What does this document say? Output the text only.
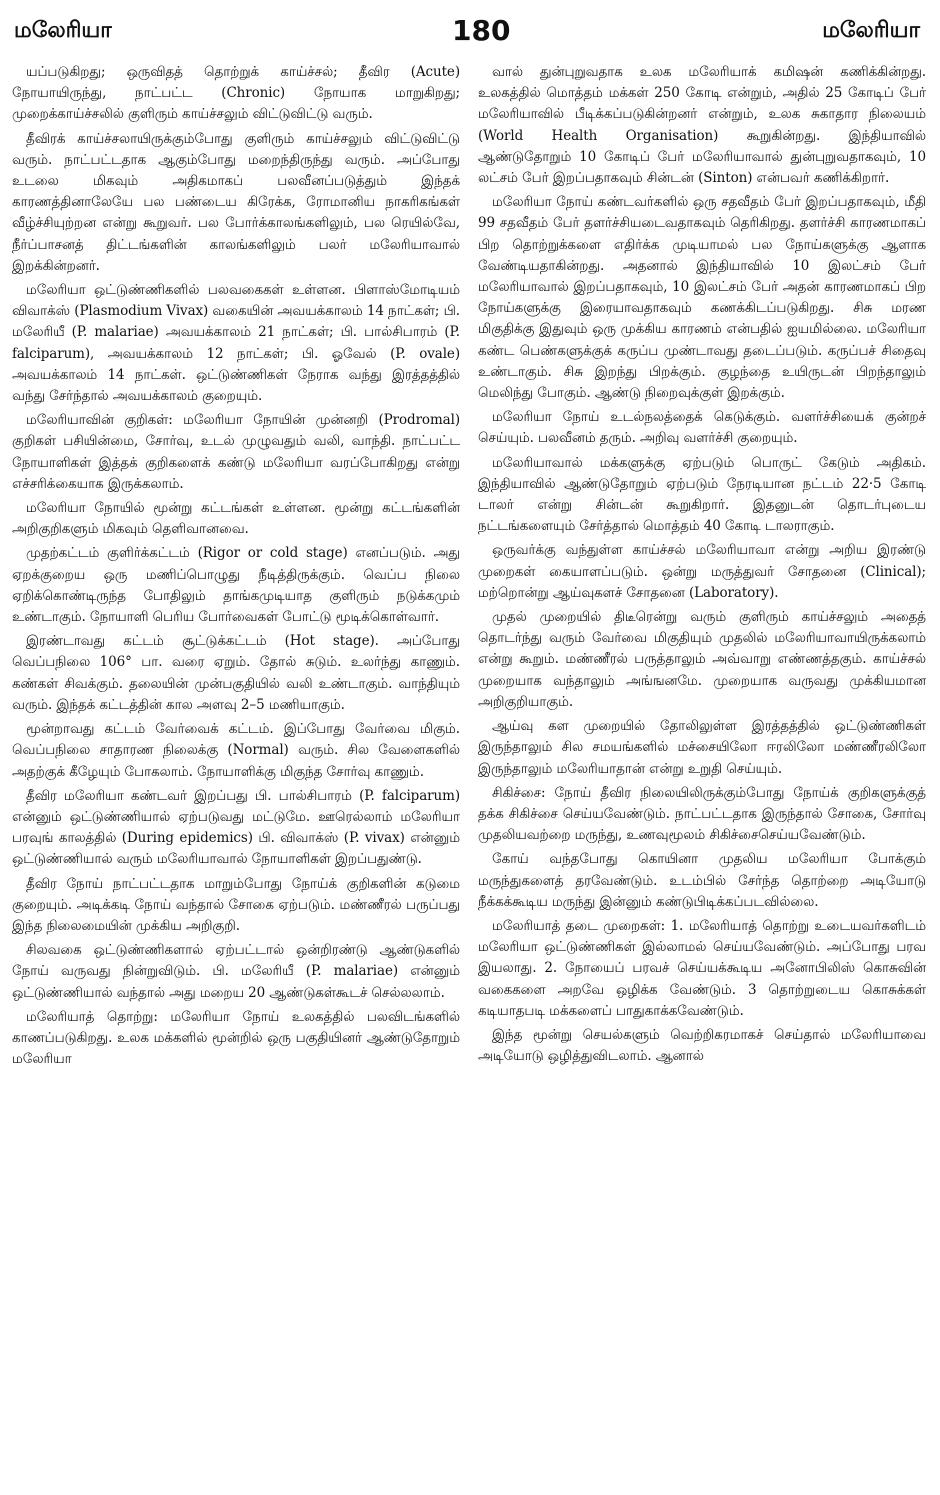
மலேரியா	180	மலேரியா

யப்படுகிறது; ஒருவிதத் தொற்றுக் காய்ச்சல்; தீவிர (Acute) நோயாயிருந்து, நாட்பட்ட (Chronic) நோயாக மாறுகிறது; முறைக்காய்ச்சலில் குளிரும் காய்ச்சலும் விட்டுவிட்டு வரும்.

தீவிரக் காய்ச்சலாயிருக்கும்போது குளிரும் காய்ச்சலும் விட்டுவிட்டு வரும். நாட்பட்டதாக ஆகும்போது மறைந்திருந்து வரும். அப்போது உடலை மிகவும் அதிகமாகப் பலவீனப்படுத்தும் இந்தக் காரணத்தினாலேயே பல பண்டைய கிரேக்க, ரோமானிய நாகரிகங்கள் வீழ்ச்சியுற்றன என்று கூறுவர். பல போர்க்காலங்களிலும், பல ரெயில்வே, நீர்ப்பாசனத் திட்டங்களின் காலங்களிலும் பலர் மலேரியாவால் இறக்கின்றனர்.

மலேரியா ஒட்டுண்ணிகளில் பலவகைகள் உள்ளன. பிளாஸ்மோடியம் விவாக்ஸ் (Plasmodium Vivax) வகையின் அவயக்காலம் 14 நாட்கள்; பி. மலேரியீ (P. malariae) அவயக்காலம் 21 நாட்கள்; பி. பால்சிபாரம் (P. falciparum), அவயக்காலம் 12 நாட்கள்; பி. ஓவேல் (P. ovale) அவயக்காலம் 14 நாட்கள். ஒட்டுண்ணிகள் நேராக வந்து இரத்தத்தில் வந்து சேர்ந்தால் அவயக்காலம் குறையும்.

மலேரியாவின் குறிகள்: மலேரியா நோயின் முன்னறி (Prodromal) குறிகள் பசியின்மை, சோர்வு, உடல் முழுவதும் வலி, வாந்தி. நாட்பட்ட நோயாளிகள் இத்தக் குறிகளைக் கண்டு மலேரியா வரப்போகிறது என்று எச்சரிக்கையாக இருக்கலாம்.

மலேரியா நோயில் மூன்று கட்டங்கள் உள்ளன. மூன்று கட்டங்களின் அறிகுறிகளும் மிகவும் தெளிவானவை.

முதற்கட்டம் குளிர்க்கட்டம் (Rigor or cold stage) எனப்படும். அது ஏறக்குறைய ஒரு மணிப்பொழுது நீடித்திருக்கும். வெப்ப நிலை ஏறிக்கொண்டிருந்த போதிலும் தாங்கமுடியாத குளிரும் நடுக்கமும் உண்டாகும். நோயாளி பெரிய போர்வைகள் போட்டு மூடிக்கொள்வார்.

இரண்டாவது கட்டம் சூட்டுக்கட்டம் (Hot stage). அப்போது வெப்பநிலை 106° பா. வரை ஏறும். தோல் சுடும். உலர்ந்து காணும். கண்கள் சிவக்கும். தலையின் முன்பகுதியில் வலி உண்டாகும். வாந்தியும் வரும். இந்தக் கட்டத்தின் கால அளவு 2–5 மணியாகும்.

மூன்றாவது கட்டம் வேர்வைக் கட்டம். இப்போது வேர்வை மிகும். வெப்பநிலை சாதாரண நிலைக்கு (Normal) வரும். சில வேளைகளில் அதற்குக் கீழேயும் போகலாம். நோயாளிக்கு மிகுந்த சோர்வு காணும்.

தீவிர மலேரியா கண்டவர் இறப்பது பி. பால்சிபாரம் (P. falciparum) என்னும் ஒட்டுண்ணியால் ஏற்படுவது மட்டுமே. ஊரெல்லாம் மலேரியா பரவுங் காலத்தில் (During epidemics) பி. விவாக்ஸ் (P. vivax) என்னும் ஒட்டுண்ணியால் வரும் மலேரியாவால் நோயாளிகள் இறப்பதுண்டு.

தீவிர நோய் நாட்பட்டதாக மாறும்போது நோய்க் குறிகளின் கடுமை குறையும். அடிக்கடி நோய் வந்தால் சோகை ஏற்படும். மண்ணீரல் பருப்பது இந்த நிலைமையின் முக்கிய அறிகுறி.

சிலவகை ஒட்டுண்ணிகளால் ஏற்பட்டால் ஒன்றிரண்டு ஆண்டுகளில் நோய் வருவது நின்றுவிடும். பி. மலேரியீ (P. malariae) என்னும் ஒட்டுண்ணியால் வந்தால் அது மறைய 20 ஆண்டுகள்கூடச் செல்லலாம்.

மலேரியாத் தொற்று: மலேரியா நோய் உலகத்தில் பலவிடங்களில் காணப்படுகிறது. உலக மக்களில் மூன்றில் ஒரு பகுதியினர் ஆண்டுதோறும் மலேரியா

வால் துன்புறுவதாக உலக மலேரியாக் கமிஷன் கணிக்கின்றது. உலகத்தில் மொத்தம் மக்கள் 250 கோடி என்றும், அதில் 25 கோடிப் பேர் மலேரியாவில் பீடிக்கப்படுகின்றனர் என்றும், உலக சுகாதார நிலையம் (World Health Organisation) கூறுகின்றது. இந்தியாவில் ஆண்டுதோறும் 10 கோடிப் பேர் மலேரியாவால் துன்புறுவதாகவும், 10 லட்சம் பேர் இறப்பதாகவும் சின்டன் (Sinton) என்பவர் கணிக்கிறார்.

மலேரியா நோய் கண்டவர்களில் ஒரு சதவீதம் பேர் இறப்பதாகவும், மீதி 99 சதவீதம் பேர் தளர்ச்சியடைவதாகவும் தெரிகிறது. தளர்ச்சி காரணமாகப் பிற தொற்றுக்களை எதிர்க்க முடியாமல் பல நோய்களுக்கு ஆளாக வேண்டியதாகின்றது. அதனால் இந்தியாவில் 10 இலட்சம் பேர் மலேரியாவால் இறப்பதாகவும், 10 இலட்சம் பேர் அதன் காரணமாகப் பிற நோய்களுக்கு இரையாவதாகவும் கணக்கிடப்படுகிறது. சிசு மரண மிகுதிக்கு இதுவும் ஒரு முக்கிய காரணம் என்பதில் ஐயமில்லை. மலேரியா கண்ட பெண்களுக்குக் கருப்ப முண்டாவது தடைப்படும். கருப்பச் சிதைவு உண்டாகும். சிசு இறந்து பிறக்கும். குழந்தை உயிருடன் பிறந்தாலும் மெலிந்து போகும். ஆண்டு நிறைவுக்குள் இறக்கும்.

மலேரியா நோய் உடல்நலத்தைக் கெடுக்கும். வளர்ச்சியைக் குன்றச் செய்யும். பலவீனம் தரும். அறிவு வளர்ச்சி குறையும்.

மலேரியாவால் மக்களுக்கு ஏற்படும் பொருட் கேடும் அதிகம். இந்தியாவில் ஆண்டுதோறும் ஏற்படும் நேரடியான நட்டம் 22·5 கோடி டாலர் என்று சின்டன் கூறுகிறார். இதனுடன் தொடர்புடைய நட்டங்களையும் சேர்த்தால் மொத்தம் 40 கோடி டாலராகும்.

ஒருவர்க்கு வந்துள்ள காய்ச்சல் மலேரியாவா என்று அறிய இரண்டு முறைகள் கையாளப்படும். ஒன்று மருத்துவர் சோதனை (Clinical); மற்றொன்று ஆய்வுகளச் சோதனை (Laboratory).

முதல் முறையில் திடீரென்று வரும் குளிரும் காய்ச்சலும் அதைத் தொடர்ந்து வரும் வேர்வை மிகுதியும் முதலில் மலேரியாவாயிருக்கலாம் என்று கூறும். மண்ணீரல் பருத்தாலும் அவ்வாறு எண்ணத்தகும். காய்ச்சல் முறையாக வந்தாலும் அங்ஙனமே. முறையாக வருவது முக்கியமான அறிகுறியாகும்.

ஆய்வு கள முறையில் தோலிலுள்ள இரத்தத்தில் ஒட்டுண்ணிகள் இருந்தாலும் சில சமயங்களில் மச்சையிலோ ஈரலிலோ மண்ணீரலிலோ இருந்தாலும் மலேரியாதான் என்று உறுதி செய்யும்.

சிகிச்சை: நோய் தீவிர நிலையிலிருக்கும்போது நோய்க் குறிகளுக்குத் தக்க சிகிச்சை செய்யவேண்டும். நாட்பட்டதாக இருந்தால் சோகை, சோர்வு முதலியவற்றை மருந்து, உணவுமூலம் சிகிச்சைசெய்யவேண்டும்.

கோய் வந்தபோது கொயினா முதலிய மலேரியா போக்கும் மருந்துகளைத் தரவேண்டும். உடம்பில் சேர்ந்த தொற்றை அடியோடு நீக்கக்கூடிய மருந்து இன்னும் கண்டுபிடிக்கப்படவில்லை.

மலேரியாத் தடை முறைகள்: 1. மலேரியாத் தொற்று உடையவர்களிடம் மலேரியா ஒட்டுண்ணிகள் இல்லாமல் செய்யவேண்டும். அப்போது பரவ இயலாது. 2. நோயைப் பரவச் செய்யக்கூடிய அனோபிலிஸ் கொசுவின் வகைகளை அறவே ஒழிக்க வேண்டும். 3 தொற்றுடைய கொசுக்கள் கடியாதபடி மக்களைப் பாதுகாக்கவேண்டும்.

இந்த மூன்று செயல்களும் வெற்றிகரமாகச் செய்தால் மலேரியாவை அடியோடு ஒழித்துவிடலாம். ஆனால்
